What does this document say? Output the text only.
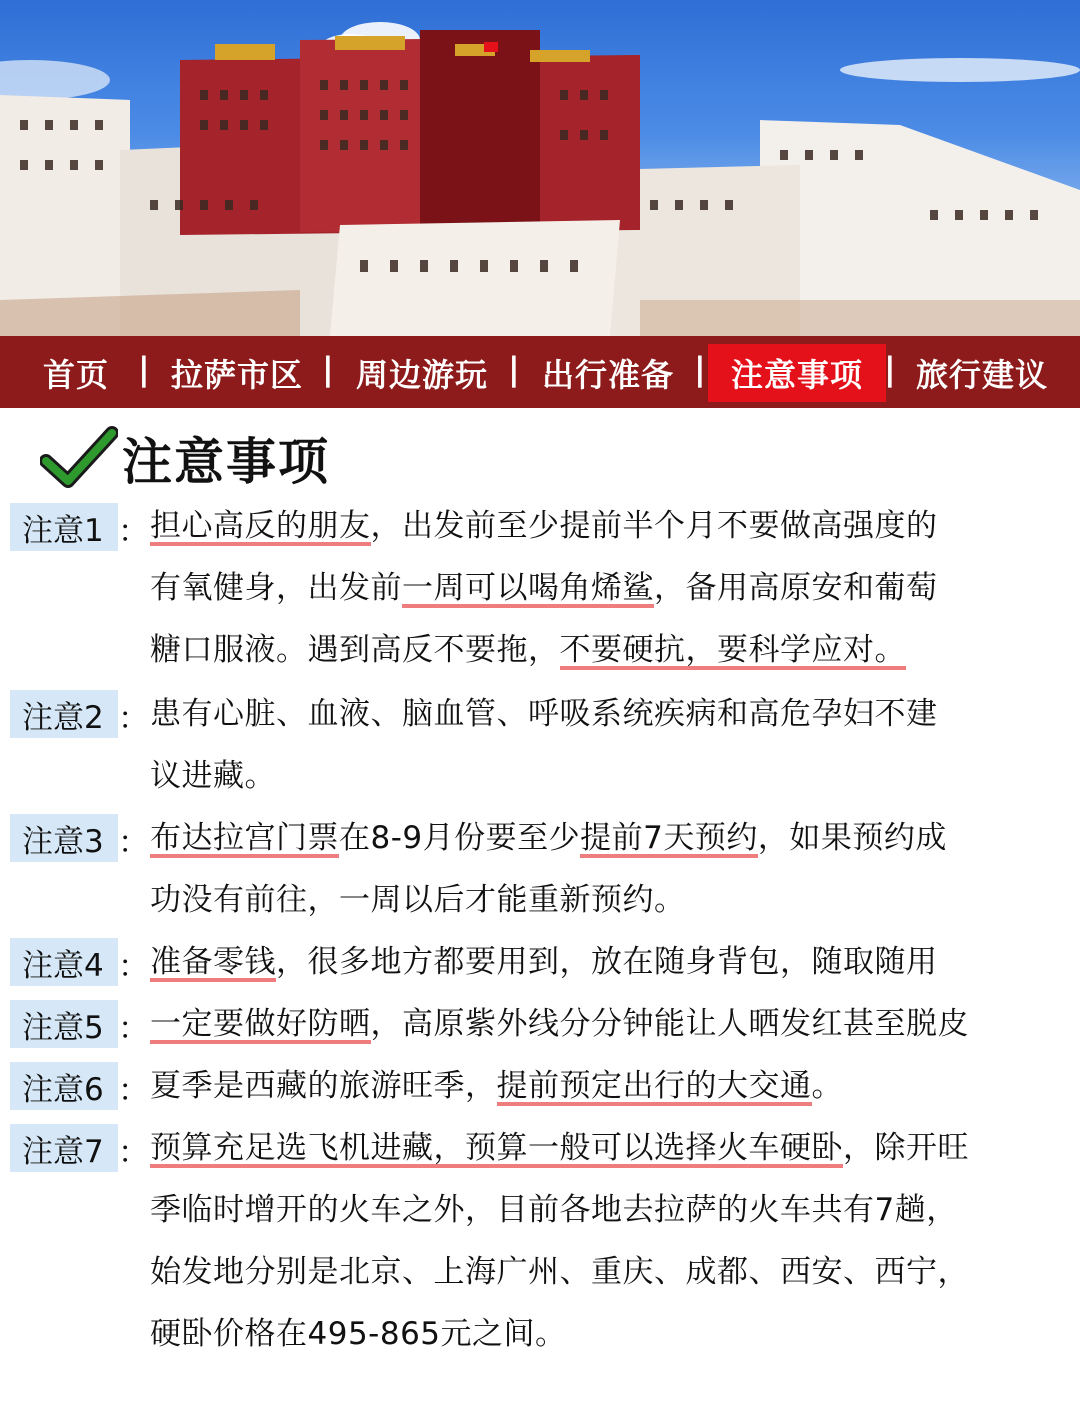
首页 | 拉萨市区 | 周边游玩 | 出行准备 | 注意事项 | 旅行建议
注意事项
注意1 ：
注意2 ：
注意3 ：
注意4 ：
注意5 ：
注意6 ：
注意7 ：
担心高反的朋友，出发前至少提前半个月不要做高强度的
有氧健身，出发前一周可以喝角烯鲨，备用高原安和葡萄
糖口服液。遇到高反不要拖，不要硬抗，要科学应对。
患有心脏、血液、脑血管、呼吸系统疾病和高危孕妇不建
议进藏。
布达拉宫门票在8-9月份要至少提前7天预约，如果预约成
功没有前往，一周以后才能重新预约。
准备零钱，很多地方都要用到，放在随身背包，随取随用
一定要做好防晒，高原紫外线分分钟能让人晒发红甚至脱皮
夏季是西藏的旅游旺季，提前预定出行的大交通。
预算充足选飞机进藏，预算一般可以选择火车硬卧，除开旺
季临时增开的火车之外，目前各地去拉萨的火车共有7趟，
始发地分别是北京、上海广州、重庆、成都、西安、西宁，
硬卧价格在495-865元之间。
